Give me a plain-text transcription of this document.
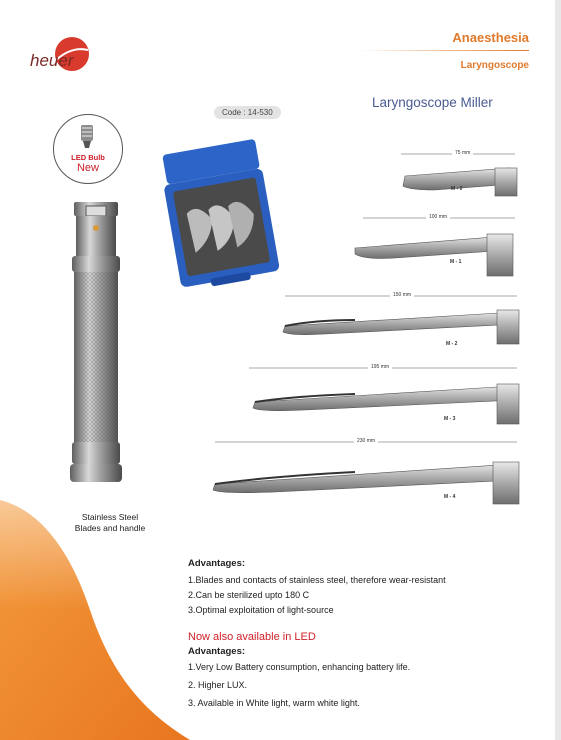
heuer
Anaesthesia
Laryngoscope
Laryngoscope Miller
Code : 14-530
LED Bulb
New
75 mm
100 mm
150 mm
195 mm
230 mm
M - 0
M - 1
M - 2
M - 3
M - 4
Stainless Steel
Blades and handle
Advantages:
1.Blades and contacts of stainless steel, therefore wear-resistant
2.Can be sterilized upto 180 C
3.Optimal exploitation of light-source
Now also available in LED
Advantages:
1.Very Low Battery consumption, enhancing battery life.
2. Higher LUX.
3. Available in White light, warm white light.
